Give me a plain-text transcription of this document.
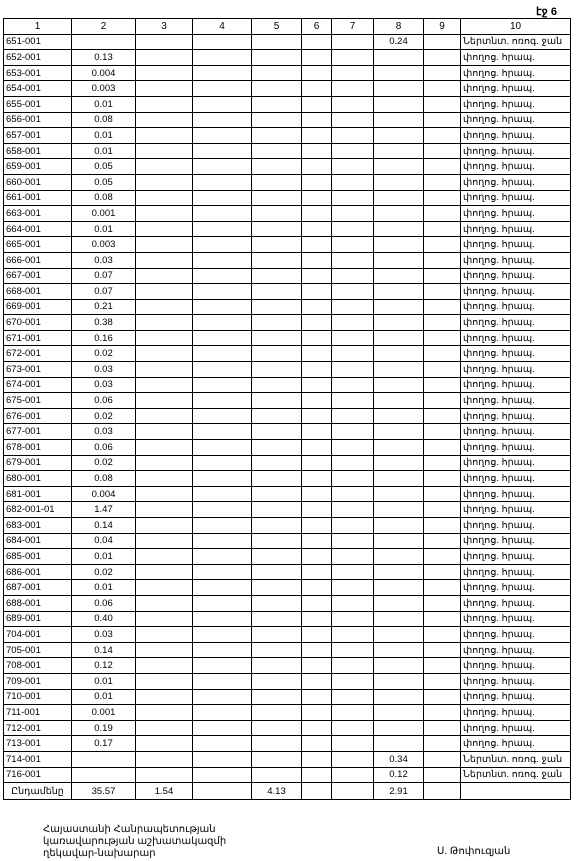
էջ 6
1	2	3	4	5	6	7	8	9	10
651-001							0.24		Ներտնտ. ոռոգ. ջան
652-001	0.13								փողոց. հրապ.
653-001	0.004								փողոց. հրապ.
654-001	0.003								փողոց. հրապ.
655-001	0.01								փողոց. հրապ.
656-001	0.08								փողոց. հրապ.
657-001	0.01								փողոց. հրապ.
658-001	0.01								փողոց. հրապ.
659-001	0.05								փողոց. հրապ.
660-001	0.05								փողոց. հրապ.
661-001	0.08								փողոց. հրապ.
663-001	0.001								փողոց. հրապ.
664-001	0.01								փողոց. հրապ.
665-001	0.003								փողոց. հրապ.
666-001	0.03								փողոց. հրապ.
667-001	0.07								փողոց. հրապ.
668-001	0.07								փողոց. հրապ.
669-001	0.21								փողոց. հրապ.
670-001	0.38								փողոց. հրապ.
671-001	0.16								փողոց. հրապ.
672-001	0.02								փողոց. հրապ.
673-001	0.03								փողոց. հրապ.
674-001	0.03								փողոց. հրապ.
675-001	0.06								փողոց. հրապ.
676-001	0.02								փողոց. հրապ.
677-001	0.03								փողոց. հրապ.
678-001	0.06								փողոց. հրապ.
679-001	0.02								փողոց. հրապ.
680-001	0.08								փողոց. հրապ.
681-001	0.004								փողոց. հրապ.
682-001-01	1.47								փողոց. հրապ.
683-001	0.14								փողոց. հրապ.
684-001	0.04								փողոց. հրապ.
685-001	0.01								փողոց. հրապ.
686-001	0.02								փողոց. հրապ.
687-001	0.01								փողոց. հրապ.
688-001	0.06								փողոց. հրապ.
689-001	0.40								փողոց. հրապ.
704-001	0.03								փողոց. հրապ.
705-001	0.14								փողոց. հրապ.
708-001	0.12								փողոց. հրապ.
709-001	0.01								փողոց. հրապ.
710-001	0.01								փողոց. հրապ.
711-001	0.001								փողոց. հրապ.
712-001	0.19								փողոց. հրապ.
713-001	0.17								փողոց. հրապ.
714-001							0.34		Ներտնտ. ոռոգ. ջան
716-001							0.12		Ներտնտ. ոռոգ. ջան
Ընդամենը	35.57	1.54		4.13			2.91		
Հայաստանի Հանրապետության
կառավարության աշխատակազմի
ղեկավար-նախարար	Ս. Թոփուզյան
